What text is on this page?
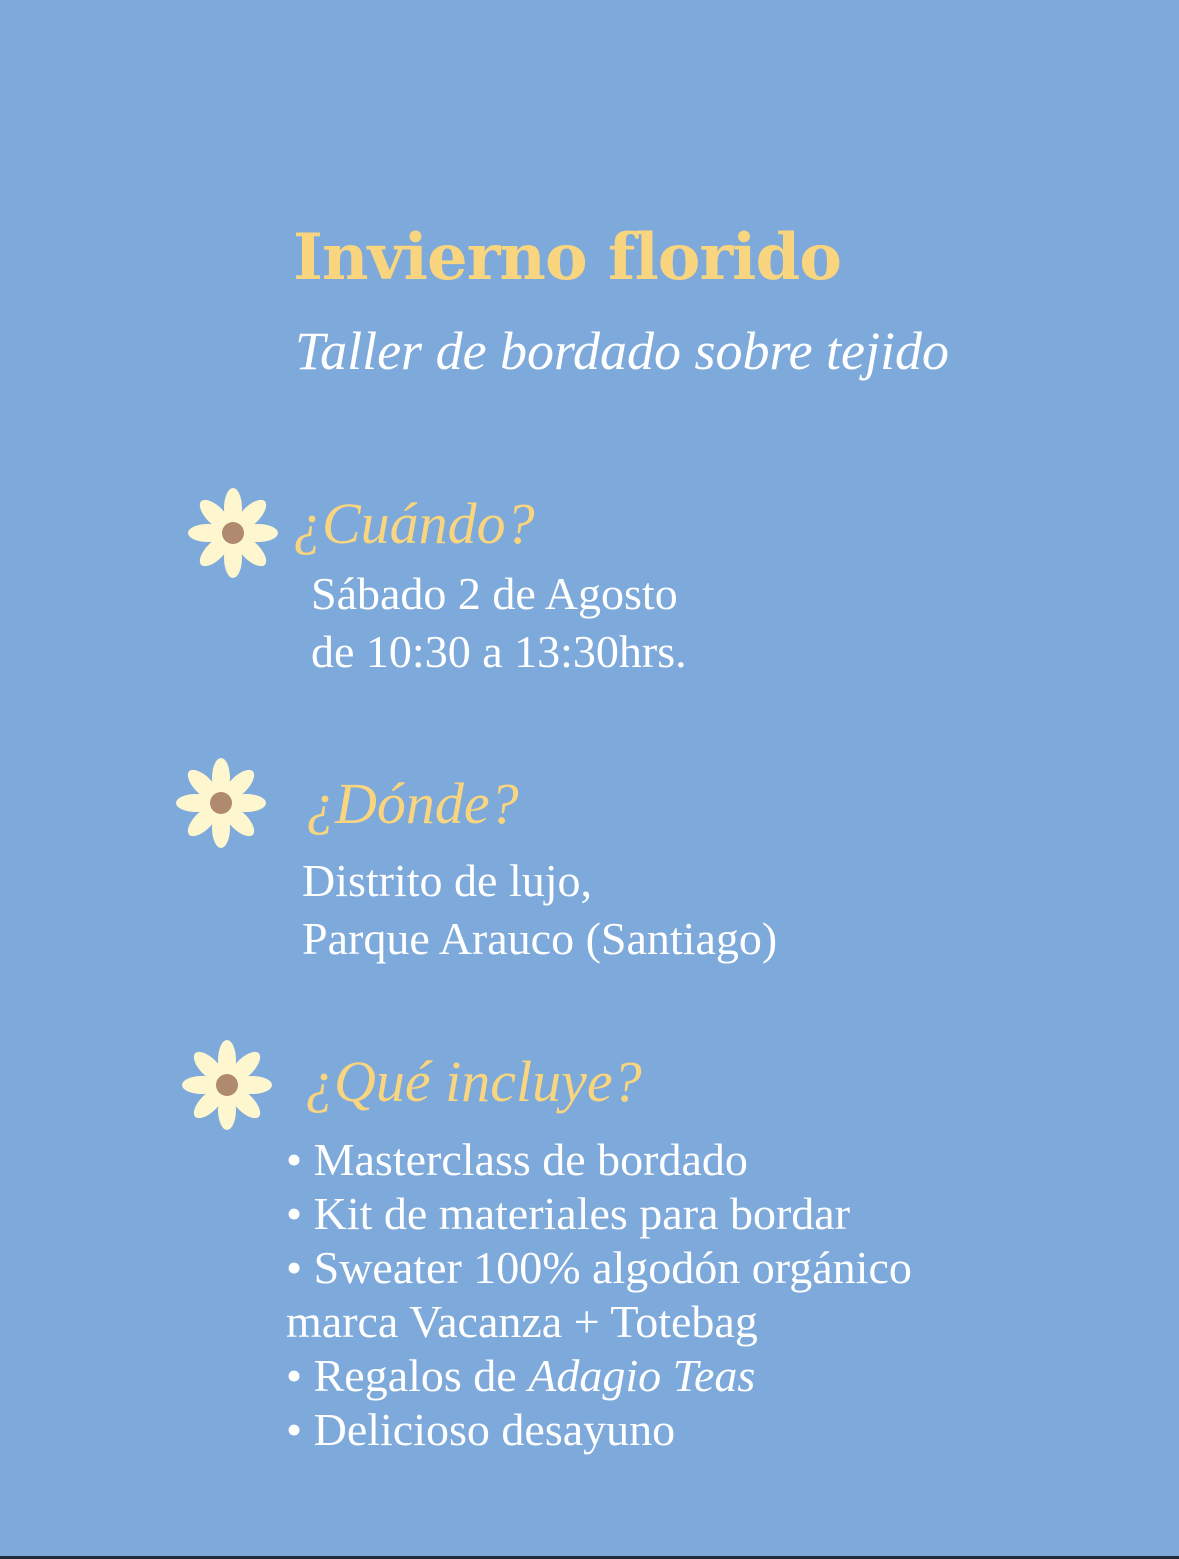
Invierno florido
Taller de bordado sobre tejido
¿Cuándo?
Sábado 2 de Agosto
de 10:30 a 13:30hrs.
¿Dónde?
Distrito de lujo,
Parque Arauco (Santiago)
¿Qué incluye?
• Masterclass de bordado
• Kit de materiales para bordar
• Sweater 100% algodón orgánico
marca Vacanza + Totebag
• Regalos de Adagio Teas
• Delicioso desayuno
